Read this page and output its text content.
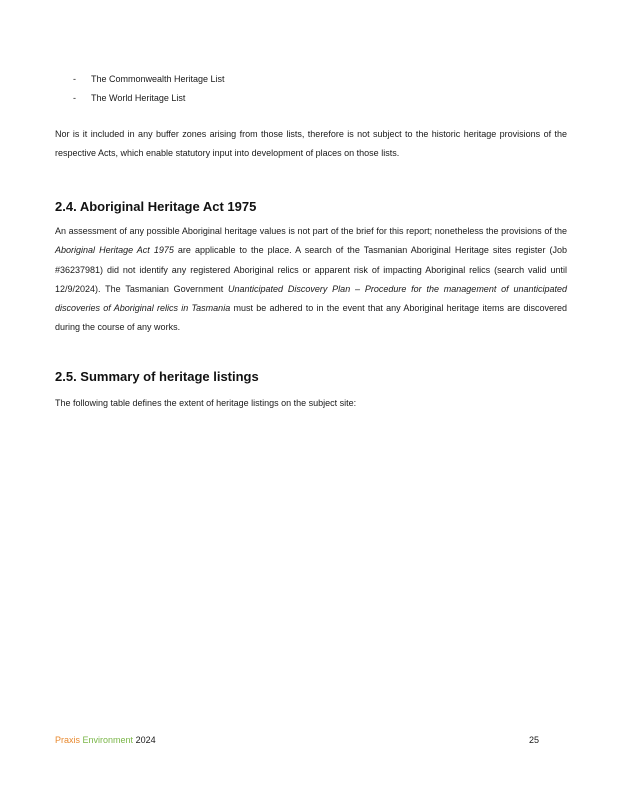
-	The Commonwealth Heritage List
-	The World Heritage List

Nor is it included in any buffer zones arising from those lists, therefore is not subject to the historic heritage provisions of the respective Acts, which enable statutory input into development of places on those lists.

2.4. Aboriginal Heritage Act 1975

An assessment of any possible Aboriginal heritage values is not part of the brief for this report; nonetheless the provisions of the Aboriginal Heritage Act 1975 are applicable to the place. A search of the Tasmanian Aboriginal Heritage sites register (Job #36237981) did not identify any registered Aboriginal relics or apparent risk of impacting Aboriginal relics (search valid until 12/9/2024). The Tasmanian Government Unanticipated Discovery Plan – Procedure for the management of unanticipated discoveries of Aboriginal relics in Tasmania must be adhered to in the event that any Aboriginal heritage items are discovered during the course of any works.

2.5. Summary of heritage listings

The following table defines the extent of heritage listings on the subject site:

Praxis Environment 2024	25
